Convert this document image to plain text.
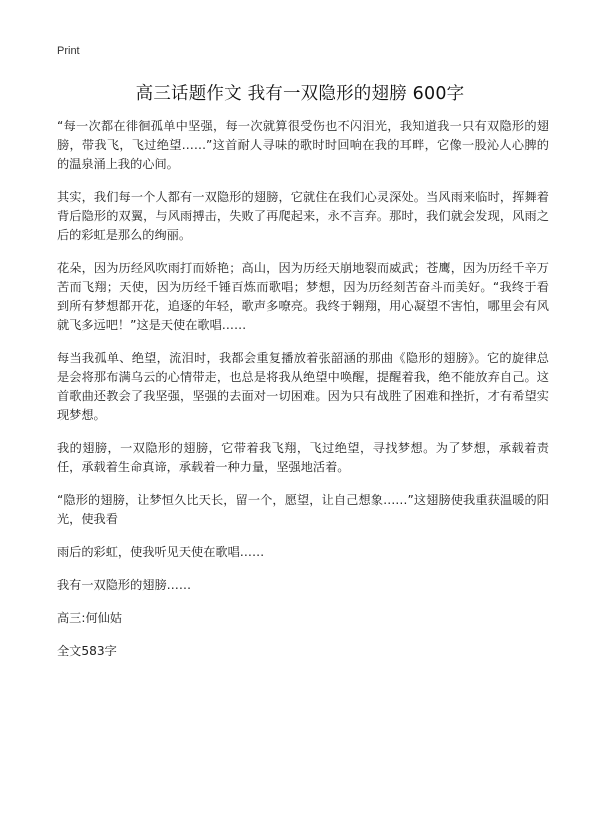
Print
高三话题作文 我有一双隐形的翅膀 600字

“每一次都在徘徊孤单中坚强，每一次就算很受伤也不闪泪光，我知道我一只有双隐形的翅膀，带我飞，飞过绝望……”这首耐人寻味的歌时时回响在我的耳畔，它像一股沁人心脾的的温泉涌上我的心间。

其实，我们每一个人都有一双隐形的翅膀，它就住在我们心灵深处。当风雨来临时，挥舞着背后隐形的双翼，与风雨搏击，失败了再爬起来，永不言弃。那时，我们就会发现，风雨之后的彩虹是那么的绚丽。

花朵，因为历经风吹雨打而娇艳；高山，因为历经天崩地裂而威武；苍鹰，因为历经千辛万苦而飞翔；天使，因为历经千锤百炼而歌唱；梦想，因为历经刻苦奋斗而美好。“我终于看到所有梦想都开花，追逐的年轻，歌声多嘹亮。我终于翱翔，用心凝望不害怕，哪里会有风就飞多远吧！”这是天使在歌唱……

每当我孤单、绝望，流泪时，我都会重复播放着张韶涵的那曲《隐形的翅膀》。它的旋律总是会将那布满乌云的心情带走，也总是将我从绝望中唤醒，提醒着我，绝不能放弃自己。这首歌曲还教会了我坚强，坚强的去面对一切困难。因为只有战胜了困难和挫折，才有希望实现梦想。

我的翅膀，一双隐形的翅膀，它带着我飞翔，飞过绝望，寻找梦想。为了梦想，承载着责任，承载着生命真谛，承载着一种力量，坚强地活着。

“隐形的翅膀，让梦恒久比天长，留一个，愿望，让自己想象……”这翅膀使我重获温暖的阳光，使我看

雨后的彩虹，使我听见天使在歌唱……

我有一双隐形的翅膀……

高三:何仙姑

全文583字
